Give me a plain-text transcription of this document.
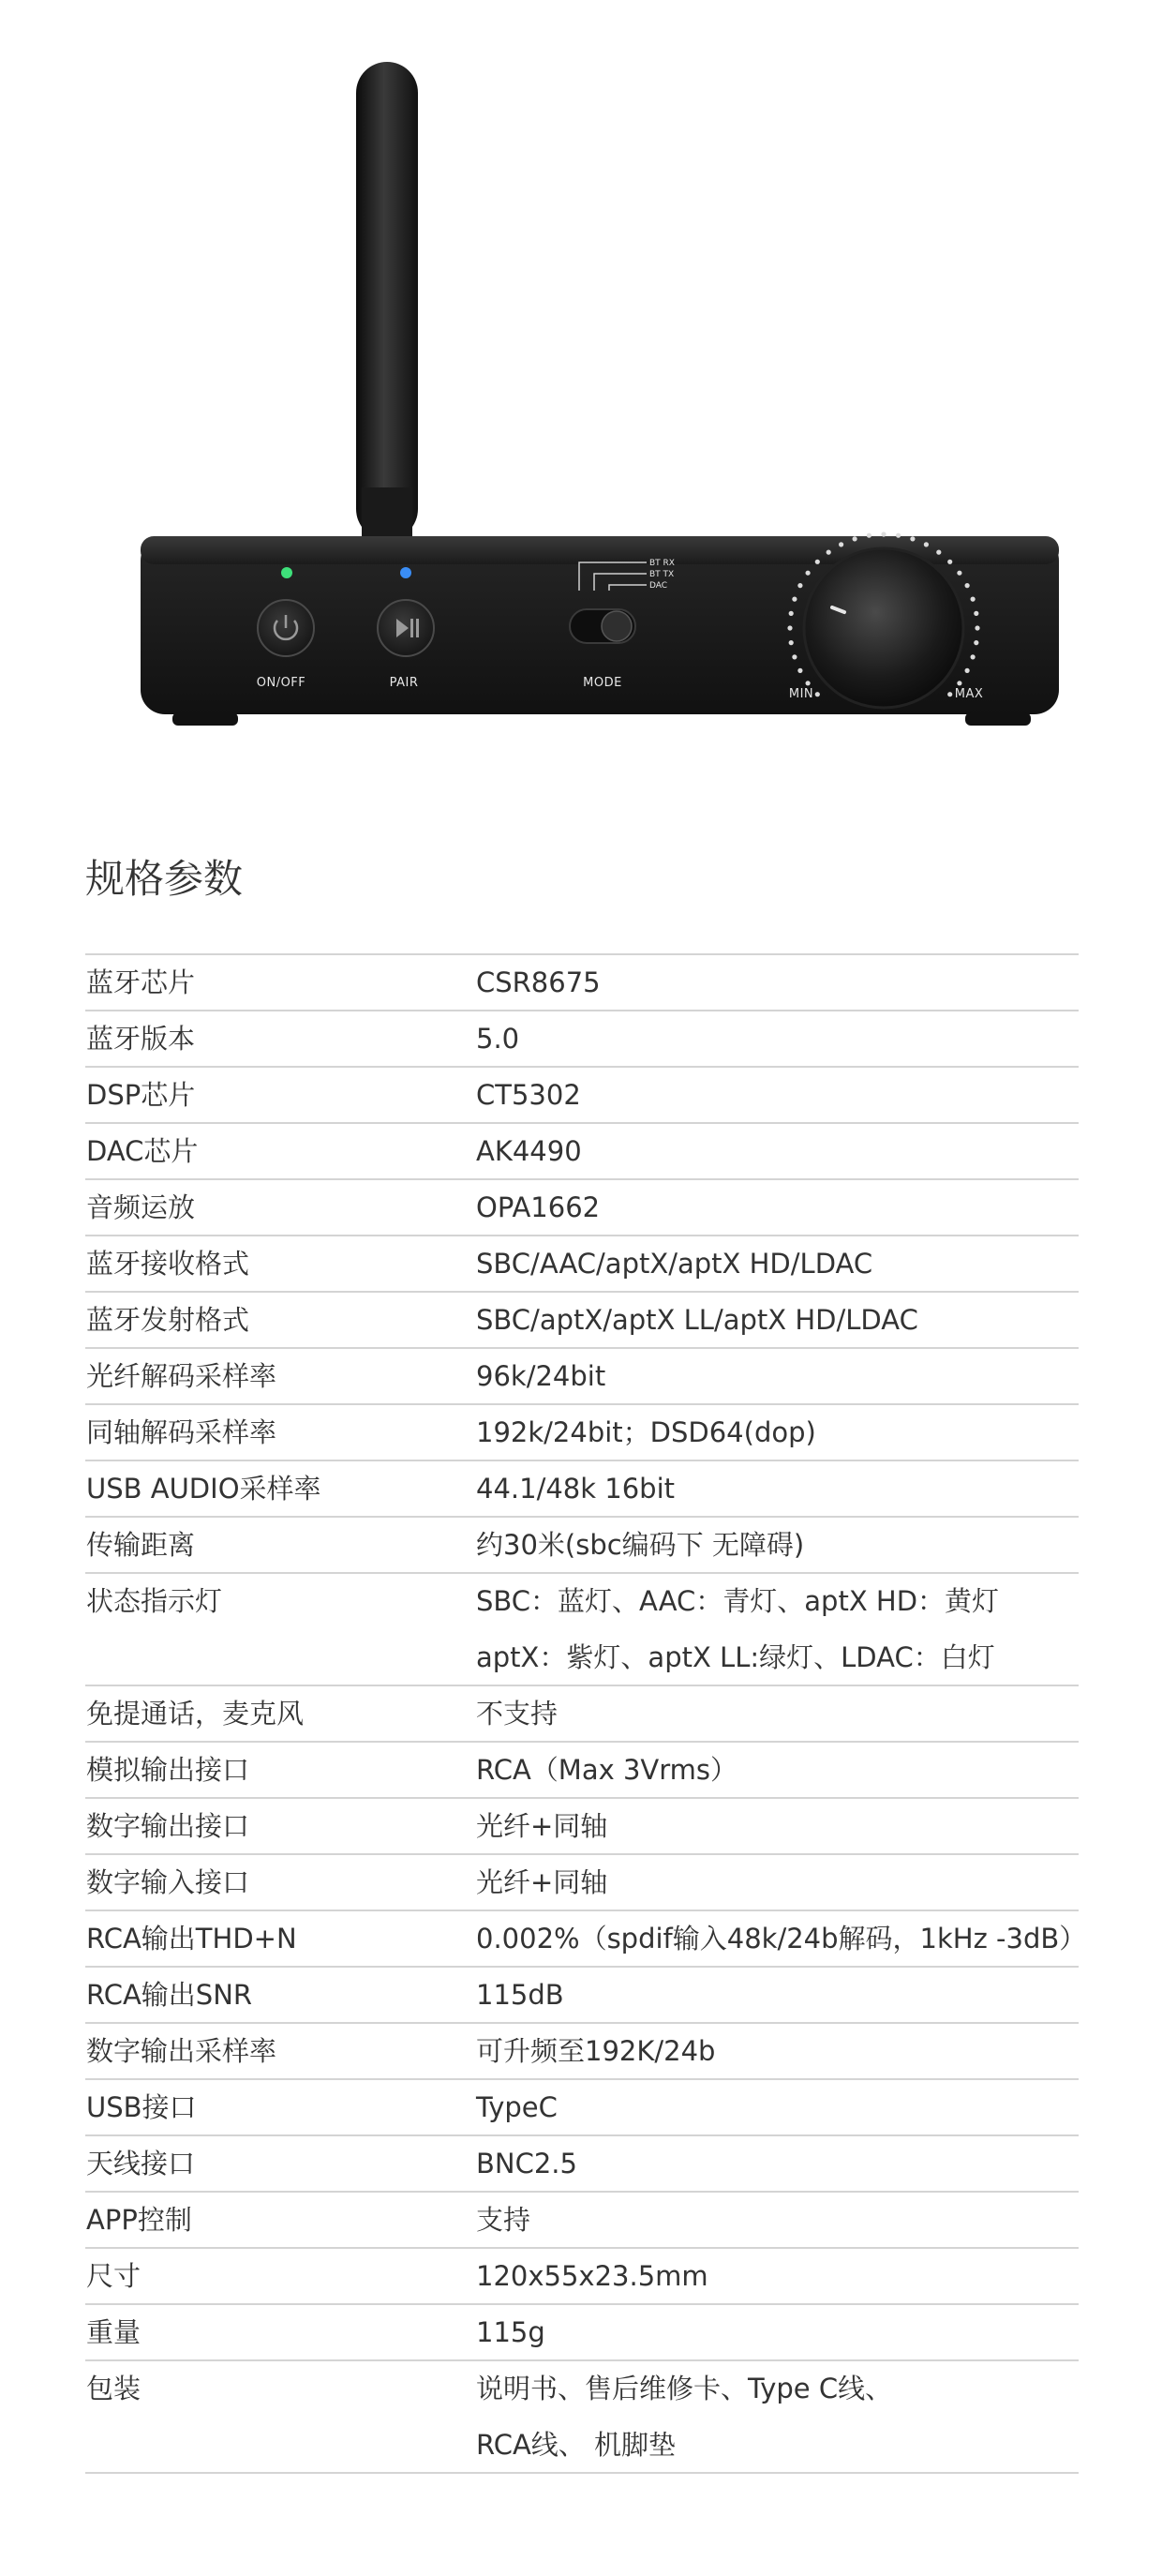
ON/OFF	PAIR
BT RX
BT TX
DAC
MODE
MIN	MAX
规格参数
蓝牙芯片	CSR8675
蓝牙版本	5.0
DSP芯片	CT5302
DAC芯片	AK4490
音频运放	OPA1662
蓝牙接收格式	SBC/AAC/aptX/aptX HD/LDAC
蓝牙发射格式	SBC/aptX/aptX LL/aptX HD/LDAC
光纤解码采样率	96k/24bit
同轴解码采样率	192k/24bit；DSD64(dop)
USB AUDIO采样率	44.1/48k 16bit
传输距离	约30米(sbc编码下 无障碍)
状态指示灯	SBC：蓝灯、AAC：青灯、aptX HD：黄灯
aptX：紫灯、aptX LL:绿灯、LDAC：白灯
免提通话，麦克风	不支持
模拟输出接口	RCA（Max 3Vrms）
数字输出接口	光纤+同轴
数字输入接口	光纤+同轴
RCA输出THD+N	0.002%（spdif输入48k/24b解码，1kHz -3dB）
RCA输出SNR	115dB
数字输出采样率	可升频至192K/24b
USB接口	TypeC
天线接口	BNC2.5
APP控制	支持
尺寸	120x55x23.5mm
重量	115g
包装	说明书、售后维修卡、Type C线、
RCA线、 机脚垫
